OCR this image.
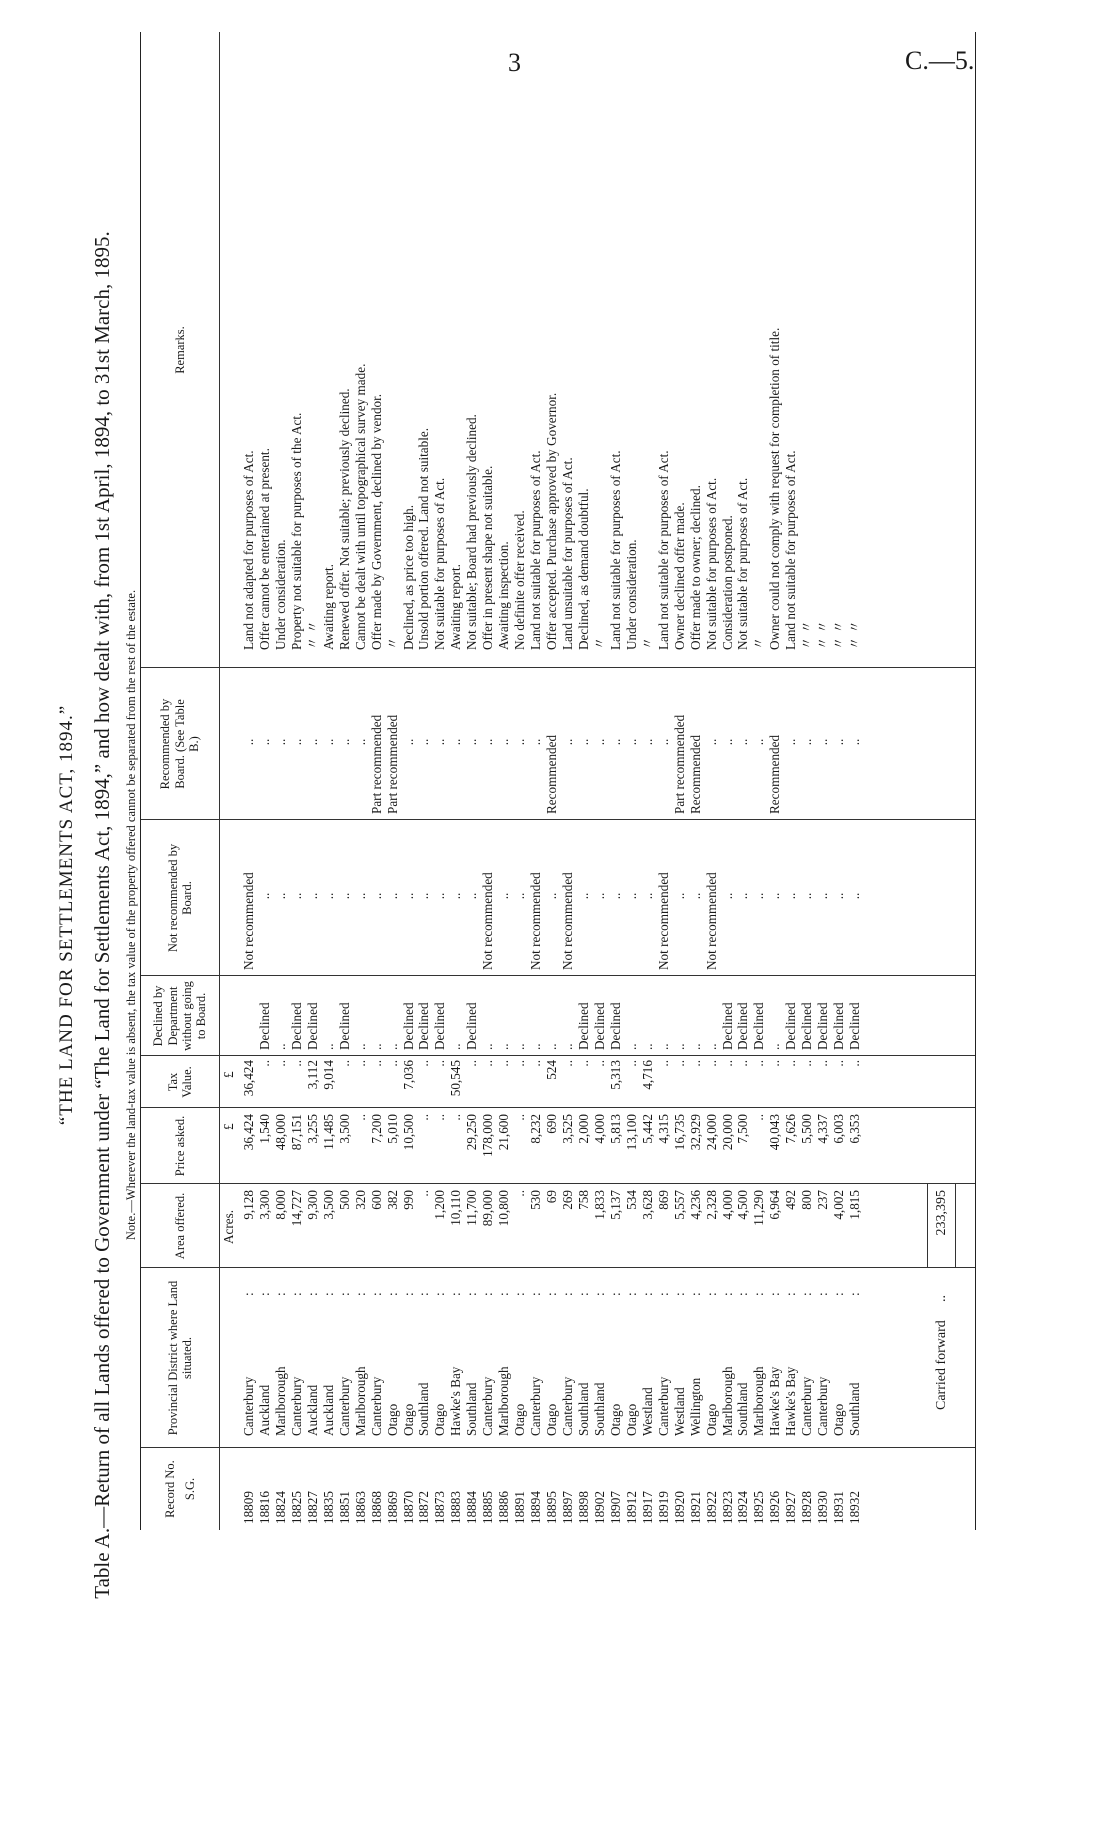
3	C.—5.
“THE LAND FOR SETTLEMENTS ACT, 1894.” Table A.—Return of all Lands offered to Government under “The Land for Settlements Act, 1894,” and how dealt with, from 1st April, 1894, to 31st March, 1895. Note.—Wherever the land-tax value is absent, the tax value of the property offered cannot be separated from the rest of the estate.
Record No. S.G.
Provincial District where Land situated.
Area offered.
Price asked.
Tax Value.
Declined by Department without going to Board.
Not recommended by Board.
Recommended by Board. (See Table B.)
Remarks.
Acres.
£
£
18809
Canterbury
9,128
36,424
36,424
Not recommended
..
Land not adapted for purposes of Act.
:
18816
Auckland
3,300
1,540
..
Declined
..
..
Offer cannot be entertained at present.
:
18824
Marlborough
8,000
48,000
..
..
..
..
Under consideration.
:
18825
Canterbury
14,727
87,151
..
Declined
..
..
Property not suitable for purposes of the Act.
:
18827
Auckland
9,300
3,255
3,112
Declined
..
..
〃 〃
:
18835
Auckland
3,500
11,485
9,014
..
..
..
Awaiting report.
:
18851
Canterbury
500
3,500
..
Declined
..
..
Renewed offer. Not suitable; previously declined.
:
18863
Marlborough
320
..
..
..
..
..
Cannot be dealt with until topographical survey made.
:
18868
Canterbury
600
7,200
..
..
..
Part recommended
Offer made by Government, declined by vendor.
:
18869
Otago
382
5,010
..
..
..
Part recommended
〃
:
18870
Otago
990
10,500
7,036
Declined
..
..
Declined, as price too high.
:
18872
Southland
..
..
..
Declined
..
..
Unsold portion offered. Land not suitable.
:
18873
Otago
1,200
..
..
Declined
..
..
Not suitable for purposes of Act.
:
18883
Hawke's Bay
10,110
..
50,545
..
..
..
Awaiting report.
:
18884
Southland
11,700
29,250
..
Declined
..
..
Not suitable; Board had previously declined.
:
18885
Canterbury
89,000
178,000
..
..
Not recommended
..
Offer in present shape not suitable.
:
18886
Marlborough
10,800
21,600
..
..
..
..
Awaiting inspection.
:
18891
Otago
..
..
..
..
..
..
No definite offer received.
:
18894
Canterbury
530
8,232
..
..
Not recommended
..
Land not suitable for purposes of Act.
:
18895
Otago
69
690
524
..
..
Recommended
Offer accepted. Purchase approved by Governor.
:
18897
Canterbury
269
3,525
..
..
Not recommended
..
Land unsuitable for purposes of Act.
:
18898
Southland
758
2,000
..
Declined
..
..
Declined, as demand doubtful.
:
18902
Southland
1,833
4,000
..
Declined
..
..
〃
:
18907
Otago
5,137
5,813
5,313
Declined
..
..
Land not suitable for purposes of Act.
:
18912
Otago
534
13,100
..
..
..
..
Under consideration.
:
18917
Westland
3,628
5,442
4,716
..
..
..
〃
:
18919
Canterbury
869
4,315
..
..
Not recommended
..
Land not suitable for purposes of Act.
:
18920
Westland
5,557
16,735
..
..
..
Part recommended
Owner declined offer made.
:
18921
Wellington
4,236
32,929
..
..
..
Recommended
Offer made to owner; declined.
:
18922
Otago
2,328
24,000
..
..
Not recommended
..
Not suitable for purposes of Act.
:
18923
Marlborough
4,000
20,000
..
Declined
..
..
Consideration postponed.
:
18924
Southland
4,500
7,500
..
Declined
..
..
Not suitable for purposes of Act.
:
18925
Marlborough
11,290
..
..
Declined
..
..
〃
:
18926
Hawke's Bay
6,964
40,043
..
..
..
Recommended
Owner could not comply with request for completion of title.
:
18927
Hawke's Bay
492
7,626
..
Declined
..
..
Land not suitable for purposes of Act.
:
18928
Canterbury
800
5,500
..
Declined
..
..
〃 〃
:
18930
Canterbury
237
4,337
..
Declined
..
..
〃 〃
:
18931
Otago
4,002
6,003
..
Declined
..
..
〃 〃
:
18932
Southland
1,815
6,353
..
Declined
..
..
〃 〃
:
Carried forward
..
233,395
